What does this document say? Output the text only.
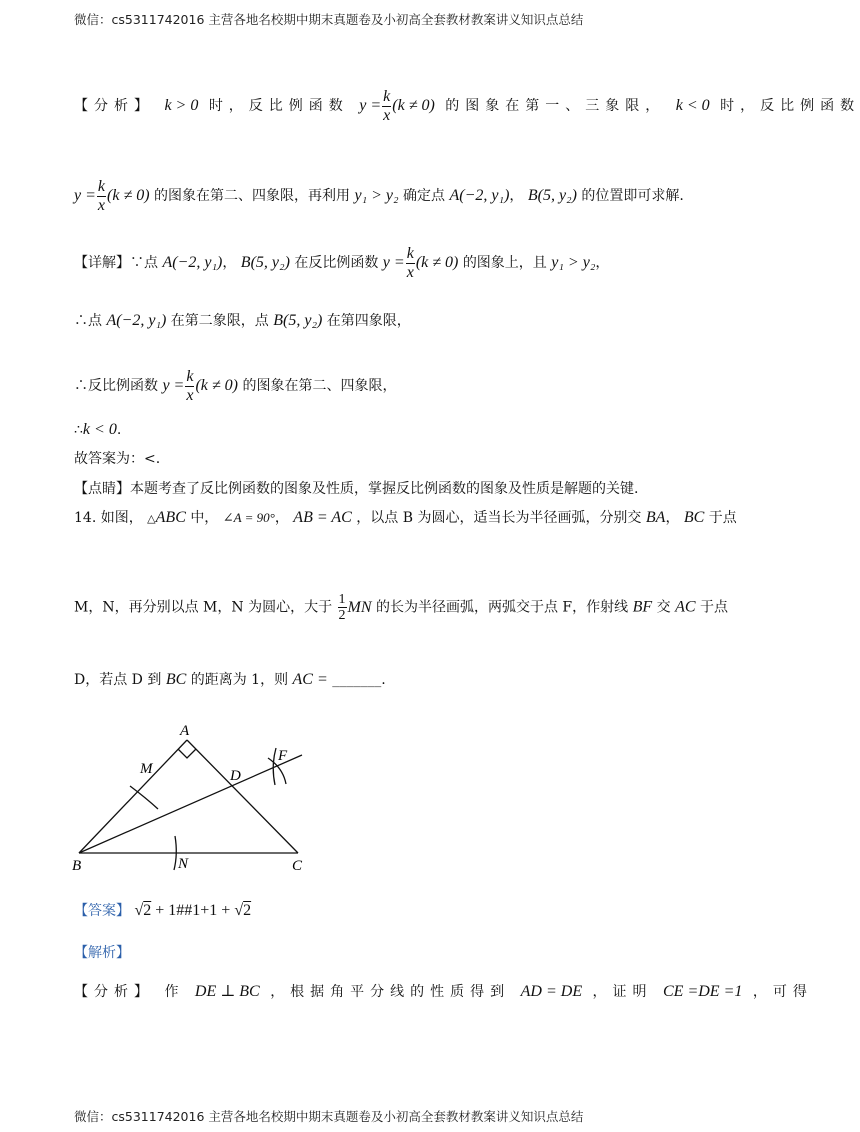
微信：cs5311742016 主营各地名校期中期末真题卷及小初高全套教材教案讲义知识点总结
【分析】 k > 0 时，反比例函数 $y = \frac{k}{x} (k \ne 0)$ 的图象在第一、三象限， k < 0 时，反比例函数
$y = \frac{k}{x} (k \ne 0)$ 的图象在第二、四象限，再利用 y₁ > y₂ 确定点 A(−2, y₁)， B(5, y₂) 的位置即可求解.
【详解】∵点 A(−2, y₁)， B(5, y₂) 在反比例函数 $y = \frac{k}{x} (k \ne 0)$ 的图象上，且 y₁ > y₂，
∴点 A(−2, y₁) 在第二象限，点 B(5, y₂) 在第四象限，
∴反比例函数 $y = \frac{k}{x} (k \ne 0)$ 的图象在第二、四象限，
∴k < 0.
故答案为：<.
【点睛】本题考查了反比例函数的图象及性质，掌握反比例函数的图象及性质是解题的关键.
14. 如图， △ABC 中， ∠A = 90°， AB = AC ，以点 B 为圆心，适当长为半径画弧，分别交 BA， BC 于点
M，N，再分别以点 M，N 为圆心，大于 $\frac{1}{2}$ MN 的长为半径画弧，两弧交于点 F，作射线 BF 交 AC 于点
D，若点 D 到 BC 的距离为 1，则 AC = _______.
A
B	C
D
M
N
F
【答案】 √2 + 1##1+1 + √2
【解析】
【分析】 作 DE ⊥ BC ，根据角平分线的性质得到 AD = DE ，证明 CE =DE =1 ，可得
微信：cs5311742016 主营各地名校期中期末真题卷及小初高全套教材教案讲义知识点总结
